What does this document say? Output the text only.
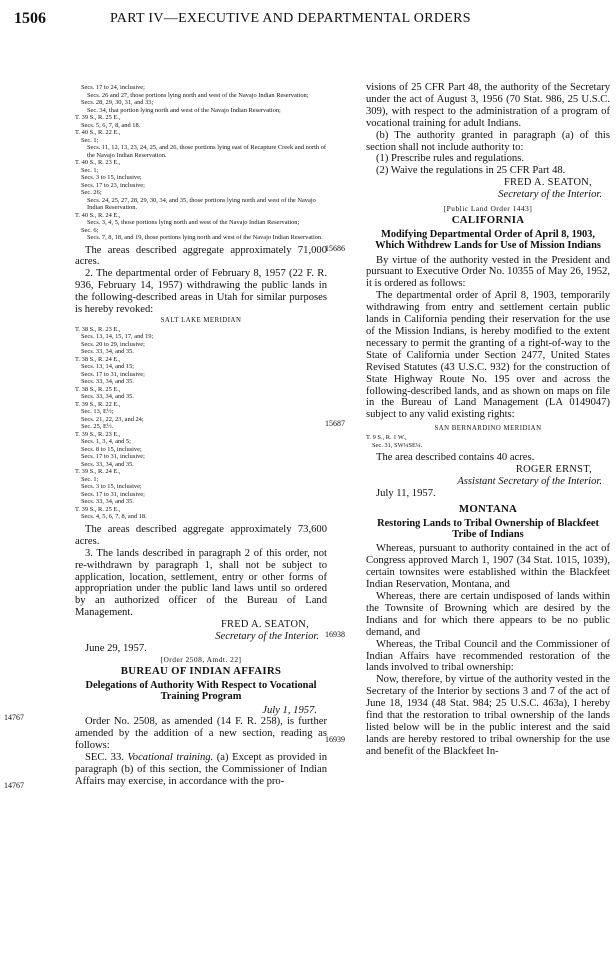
1506	PART IV—EXECUTIVE AND DEPARTMENTAL ORDERS
14767
14767
15686
15687
16938
16939
Secs. 17 to 24, inclusive;
Secs. 26 and 27, those portions lying north and west of the Navajo Indian Reservation;
Secs. 28, 29, 30, 31, and 33;
Sec. 34, that portion lying north and west of the Navajo Indian Reservation;
T. 39 S., R. 25 E.,
Secs. 5, 6, 7, 8, and 18.
T. 40 S., R. 22 E.,
Sec. 1;
Secs. 11, 12, 13, 23, 24, 25, and 26, those portions lying east of Recapture Creek and north of the Navajo Indian Reservation.
T. 40 S., R. 23 E.,
Sec. 1;
Secs. 3 to 15, inclusive;
Secs. 17 to 23, inclusive;
Sec. 26;
Secs. 24, 25, 27, 28, 29, 30, 34, and 35, those portions lying north and west of the Navajo Indian Reservation.
T. 40 S., R. 24 E.,
Secs. 3, 4, 5, those portions lying north and west of the Navajo Indian Reservation;
Sec. 6;
Secs. 7, 8, 18, and 19, those portions lying north and west of the Navajo Indian Reservation.

The areas described aggregate approximately 71,000 acres.

2. The departmental order of February 8, 1957 (22 F. R. 936, February 14, 1957) withdrawing the public lands in the following-described areas in Utah for similar purposes is hereby revoked:

SALT LAKE MERIDIAN
T. 38 S., R. 23 E.,
Secs. 13, 14, 15, 17, and 19;
Secs. 20 to 29, inclusive;
Secs. 33, 34, and 35.
T. 38 S., R. 24 E.,
Secs. 13, 14, and 15;
Secs. 17 to 31, inclusive;
Secs. 33, 34, and 35.
T. 38 S., R. 25 E.,
Secs. 33, 34, and 35.
T. 39 S., R. 22 E.,
Sec. 13, E½;
Secs. 21, 22, 23, and 24;
Sec. 25, E½.
T. 39 S., R. 23 E.,
Secs. 1, 3, 4, and 5;
Secs. 8 to 15, inclusive;
Secs. 17 to 31, inclusive;
Secs. 33, 34, and 35.
T. 39 S., R. 24 E.,
Sec. 1;
Secs. 3 to 15, inclusive;
Secs. 17 to 31, inclusive;
Secs. 33, 34, and 35.
T. 39 S., R. 25 E.,
Secs. 4, 5, 6, 7, 8, and 18.

The areas described aggregate approximately 73,600 acres.

3. The lands described in paragraph 2 of this order, not re-withdrawn by paragraph 1, shall not be subject to application, location, settlement, entry or other forms of appropriation under the public land laws until so ordered by an authorized officer of the Bureau of Land Management.

FRED A. SEATON,
Secretary of the Interior.

June 29, 1957.

[Order 2508, Amdt. 22]
BUREAU OF INDIAN AFFAIRS
Delegations of Authority With Respect to Vocational Training Program
July 1, 1957.

Order No. 2508, as amended (14 F. R. 258), is further amended by the addition of a new section, reading as follows:

SEC. 33. Vocational training. (a) Except as provided in paragraph (b) of this section, the Commissioner of Indian Affairs may exercise, in accordance with the pro-

visions of 25 CFR Part 48, the authority of the Secretary under the act of August 3, 1956 (70 Stat. 986, 25 U.S.C. 309), with respect to the administration of a program of vocational training for adult Indians.

(b) The authority granted in paragraph (a) of this section shall not include authority to:

(1) Prescribe rules and regulations.

(2) Waive the regulations in 25 CFR Part 48.

FRED A. SEATON,
Secretary of the Interior.
[Public Land Order 1443]
CALIFORNIA
Modifying Departmental Order of April 8, 1903, Which Withdrew Lands for Use of Mission Indians

By virtue of the authority vested in the President and pursuant to Executive Order No. 10355 of May 26, 1952, it is ordered as follows:

The departmental order of April 8, 1903, temporarily withdrawing from entry and settlement certain public lands in California pending their reservation for the use of the Mission Indians, is hereby modified to the extent necessary to permit the granting of a right-of-way to the State of California under Section 2477, United States Revised Statutes (43 U.S.C. 932) for the construction of State Highway Route No. 195 over and across the following-described lands, and as shown on maps on file in the Bureau of Land Management (LA 0149047) subject to any valid existing rights:

SAN BERNARDINO MERIDIAN
T. 9 S., R. 1 W.,
Sec. 31, SW¼SE¼.

The area described contains 40 acres.

ROGER ERNST,
Assistant Secretary of the Interior.

July 11, 1957.

MONTANA
Restoring Lands to Tribal Ownership of Blackfeet Tribe of Indians

Whereas, pursuant to authority contained in the act of Congress approved March 1, 1907 (34 Stat. 1015, 1039), certain townsites were established within the Blackfeet Indian Reservation, Montana, and

Whereas, there are certain undisposed of lands within the Townsite of Browning which are desired by the Indians and for which there appears to be no public demand, and

Whereas, the Tribal Council and the Commissioner of Indian Affairs have recommended restoration of the lands involved to tribal ownership:

Now, therefore, by virtue of the authority vested in the Secretary of the Interior by sections 3 and 7 of the act of June 18, 1934 (48 Stat. 984; 25 U.S.C. 463a), I hereby find that the restoration to tribal ownership of the lands listed below will be in the public interest and the said lands are hereby restored to tribal ownership for the use and benefit of the Blackfeet In-
